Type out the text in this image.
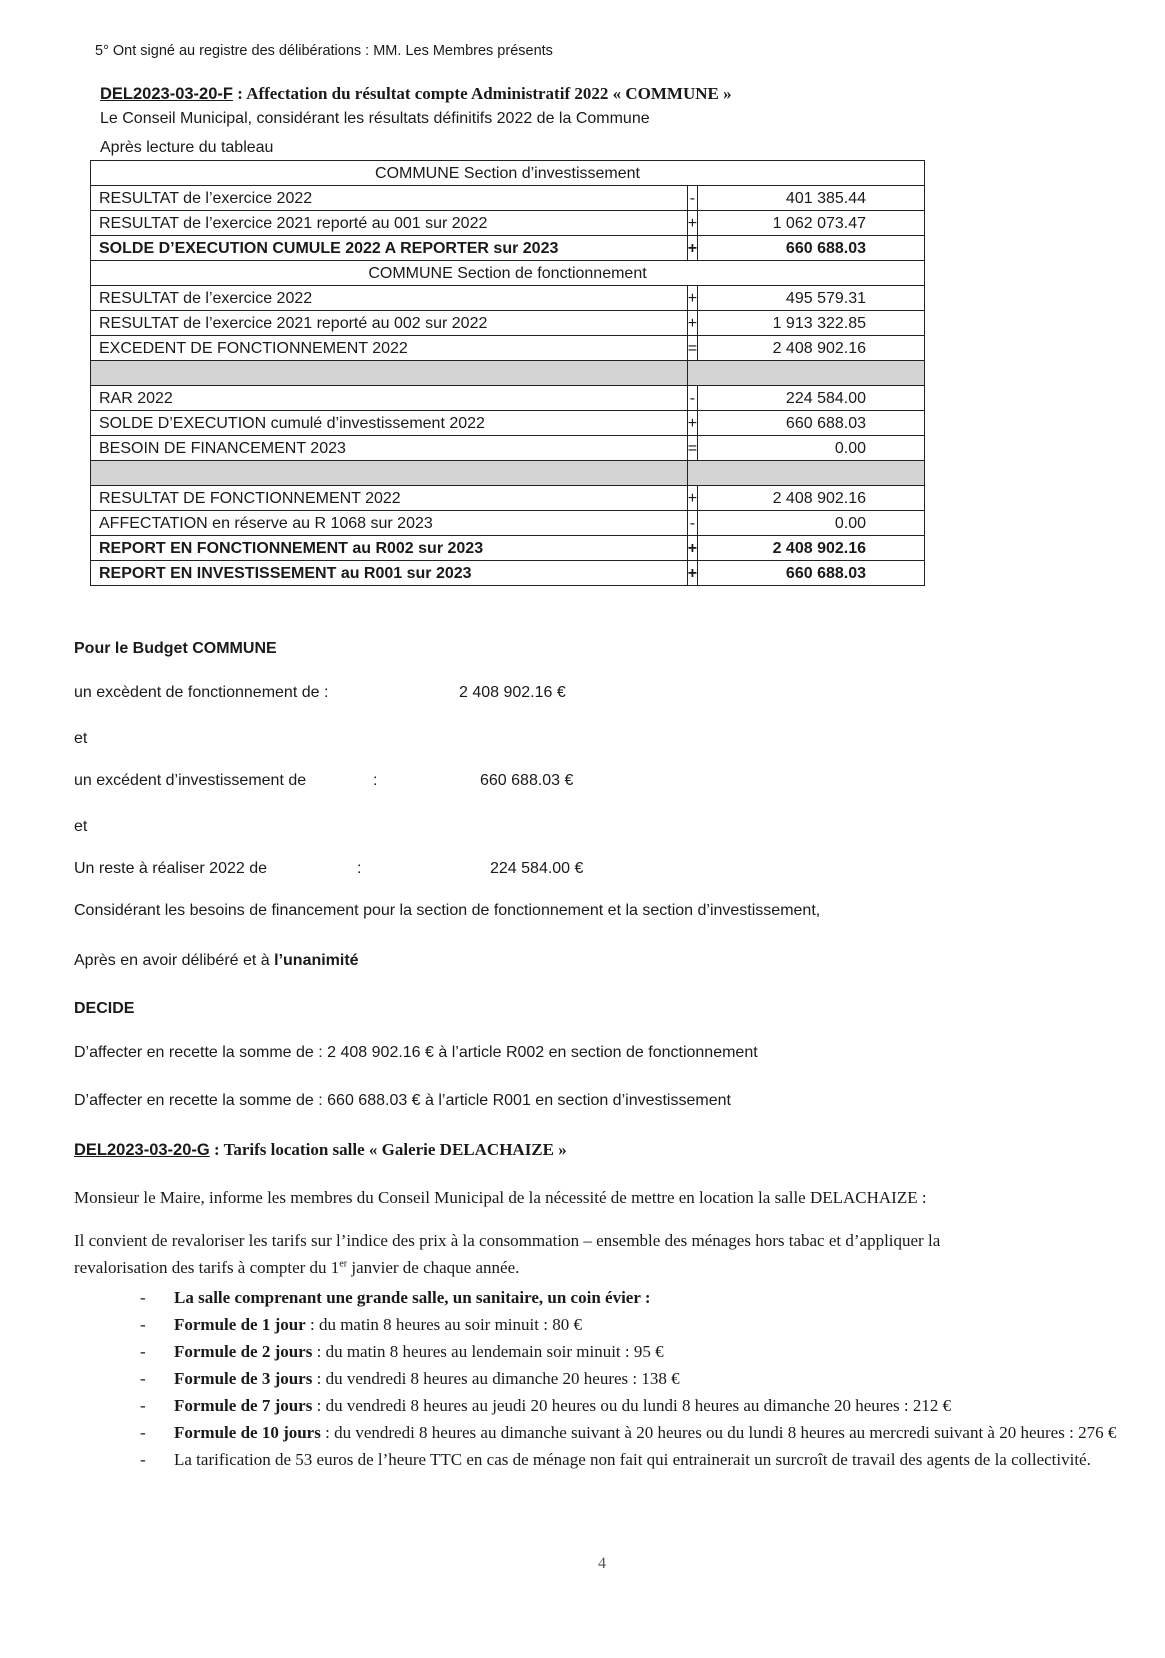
5° Ont signé au registre des délibérations : MM. Les Membres présents
DEL2023-03-20-F : Affectation du résultat compte Administratif 2022 « COMMUNE »
Le Conseil Municipal, considérant les résultats définitifs 2022 de la Commune
Après lecture du tableau
COMMUNE Section d’investissement		
RESULTAT de l’exercice 2022	-	401 385.44
RESULTAT de l’exercice 2021 reporté au 001 sur 2022	+	1 062 073.47
SOLDE D’EXECUTION CUMULE 2022 A REPORTER sur 2023	+	660 688.03
COMMUNE Section de fonctionnement		
RESULTAT de l’exercice 2022	+	495 579.31
RESULTAT de l’exercice 2021 reporté au 002 sur 2022	+	1 913 322.85
EXCEDENT DE FONCTIONNEMENT 2022	=	2 408 902.16

RAR 2022	-	224 584.00
SOLDE D’EXECUTION cumulé d’investissement 2022	+	660 688.03
BESOIN DE FINANCEMENT 2023	=	0.00

RESULTAT DE FONCTIONNEMENT 2022	+	2 408 902.16
AFFECTATION en réserve au R 1068 sur 2023	-	0.00
REPORT EN FONCTIONNEMENT au R002 sur 2023	+	2 408 902.16
REPORT EN INVESTISSEMENT au R001 sur 2023	+	660 688.03
Pour le Budget COMMUNE
un excèdent de fonctionnement de :	2 408 902.16 €
et
un excédent d’investissement de	:	660 688.03 €
et
Un reste à réaliser 2022 de	:	224 584.00 €
Considérant les besoins de financement pour la section de fonctionnement et la section d’investissement,
Après en avoir délibéré et à l’unanimité
DECIDE
D’affecter en recette la somme de : 2 408 902.16 € à l’article R002 en section de fonctionnement
D’affecter en recette la somme de : 660 688.03 € à l’article R001 en section d’investissement
DEL2023-03-20-G : Tarifs location salle « Galerie DELACHAIZE »
Monsieur le Maire, informe les membres du Conseil Municipal de la nécessité de mettre en location la salle DELACHAIZE :
Il convient de revaloriser les tarifs sur l’indice des prix à la consommation – ensemble des ménages hors tabac et d’appliquer la
revalorisation des tarifs à compter du 1er janvier de chaque année.
- La salle comprenant une grande salle, un sanitaire, un coin évier :
- Formule de 1 jour : du matin 8 heures au soir minuit : 80 €
- Formule de 2 jours : du matin 8 heures au lendemain soir minuit : 95 €
- Formule de 3 jours : du vendredi 8 heures au dimanche 20 heures : 138 €
- Formule de 7 jours : du vendredi 8 heures au jeudi 20 heures ou du lundi 8 heures au dimanche 20 heures : 212 €
- Formule de 10 jours : du vendredi 8 heures au dimanche suivant à 20 heures ou du lundi 8 heures au mercredi suivant à 20 heures : 276 €
- La tarification de 53 euros de l’heure TTC en cas de ménage non fait qui entrainerait un surcroît de travail des agents de la collectivité.
4
